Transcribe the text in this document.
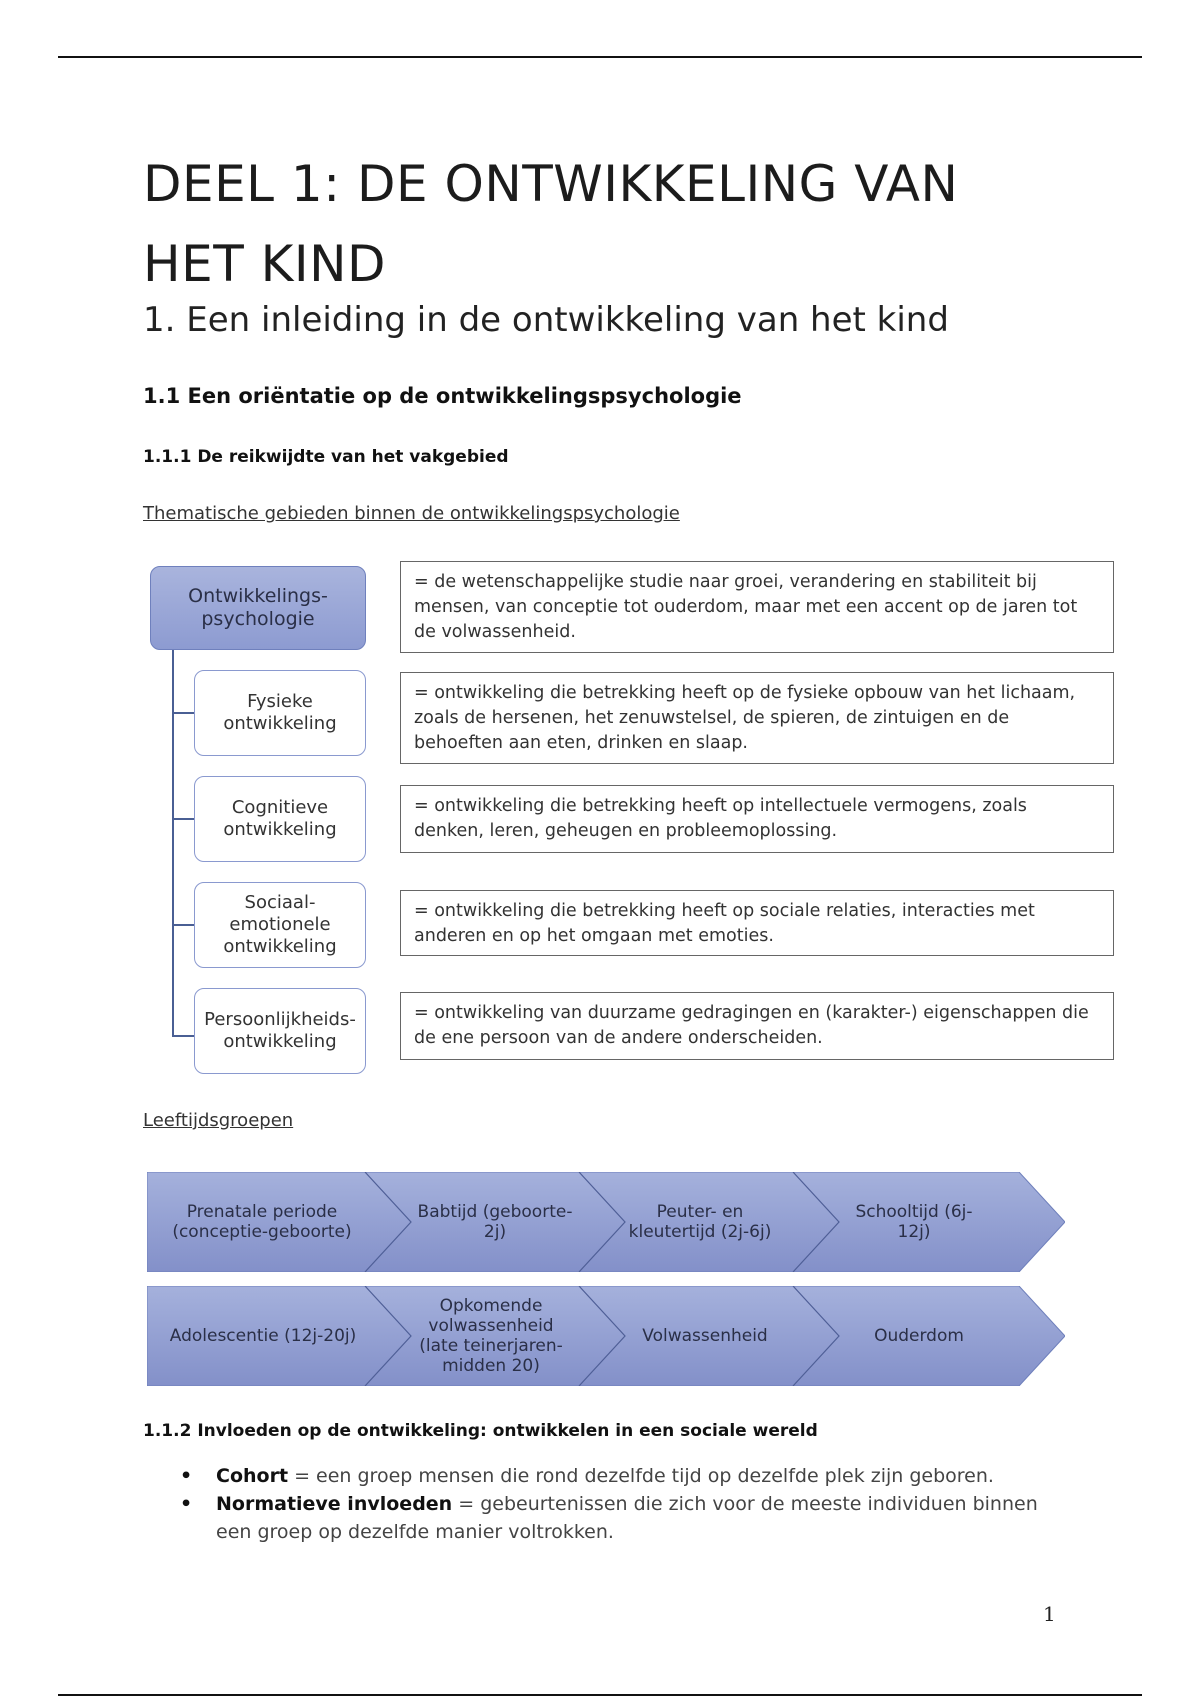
DEEL 1: DE ONTWIKKELING VAN HET KIND
1. Een inleiding in de ontwikkeling van het kind
1.1 Een oriëntatie op de ontwikkelingspsychologie
1.1.1 De reikwijdte van het vakgebied
Thematische gebieden binnen de ontwikkelingspsychologie
Ontwikkelings-
psychologie
= de wetenschappelijke studie naar groei, verandering en stabiliteit bij mensen, van conceptie tot ouderdom, maar met een accent op de jaren tot de volwassenheid.
Fysieke ontwikkeling
= ontwikkeling die betrekking heeft op de fysieke opbouw van het lichaam, zoals de hersenen, het zenuwstelsel, de spieren, de zintuigen en de behoeften aan eten, drinken en slaap.
Cognitieve ontwikkeling
= ontwikkeling die betrekking heeft op intellectuele vermogens, zoals denken, leren, geheugen en probleemoplossing.
Sociaal-emotionele ontwikkeling
= ontwikkeling die betrekking heeft op sociale relaties, interacties met anderen en op het omgaan met emoties.
Persoonlijkheids-ontwikkeling
= ontwikkeling van duurzame gedragingen en (karakter-) eigenschappen die de ene persoon van de andere onderscheiden.
Leeftijdsgroepen
Prenatale periode (conceptie-geboorte)
Babtijd (geboorte-2j)
Peuter- en kleutertijd (2j-6j)
Schooltijd (6j-12j)
Adolescentie (12j-20j)
Opkomende volwassenheid (late teinerjaren-midden 20)
Volwassenheid	Ouderdom
1.1.2 Invloeden op de ontwikkeling: ontwikkelen in een sociale wereld
• Cohort = een groep mensen die rond dezelfde tijd op dezelfde plek zijn geboren.
• Normatieve invloeden = gebeurtenissen die zich voor de meeste individuen binnen een groep op dezelfde manier voltrokken.
1
